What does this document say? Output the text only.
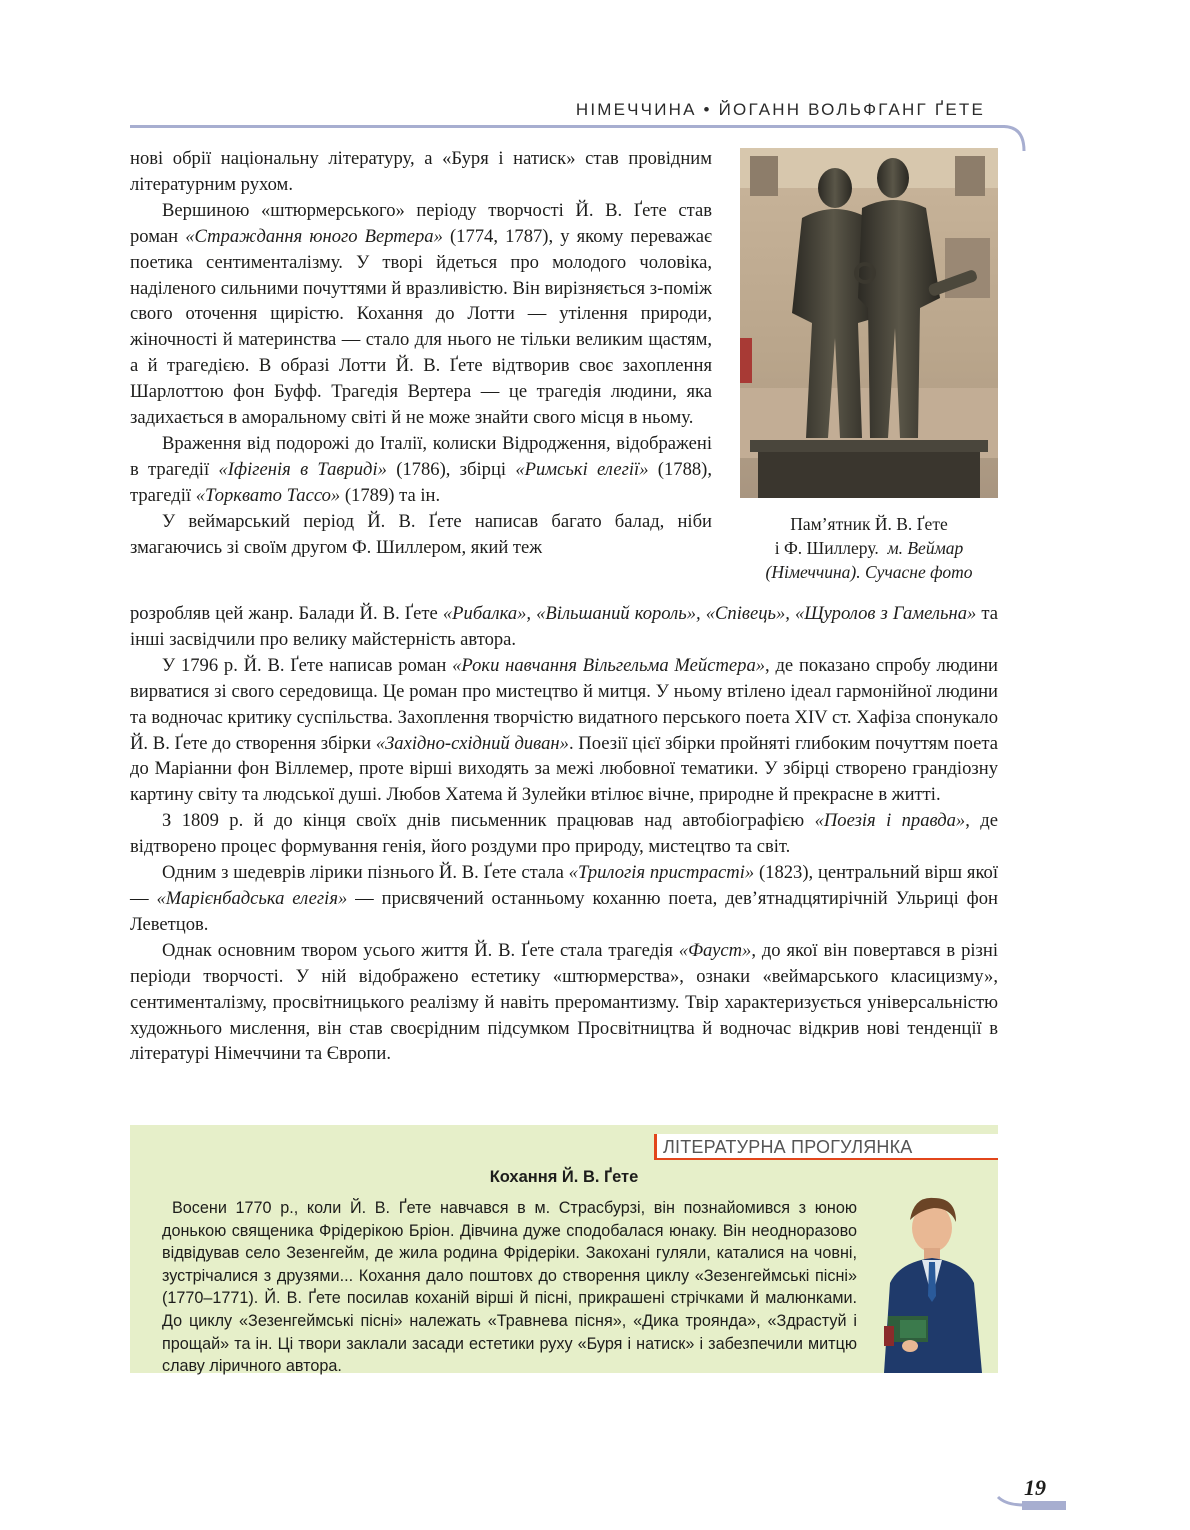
НІМЕЧЧИНА • ЙОГАНН ВОЛЬФГАНГ ҐЕТЕ
Пам’ятник Й. В. Ґете
і Ф. Шиллеру. м. Веймар
(Німеччина). Сучасне фото

нові обрії національну літературу, а «Буря і натиск» став провідним літературним рухом.

Вершиною «штюрмерського» періоду творчості Й. В. Ґете став роман «Страждання юного Вертера» (1774, 1787), у якому переважає поетика сентименталізму. У творі йдеться про молодого чоловіка, наділеного сильними почуттями й вразливістю. Він вирізняється з-поміж свого оточення щирістю. Кохання до Лотти — утілення природи, жіночності й материнства — стало для нього не тільки великим щастям, а й трагедією. В образі Лотти Й. В. Ґете відтворив своє захоплення Шарлоттою фон Буфф. Трагедія Вертера — це трагедія людини, яка задихається в аморальному світі й не може знайти свого місця в ньому.

Враження від подорожі до Італії, колиски Відродження, відображені в трагедії «Іфігенія в Тавриді» (1786), збірці «Римські елегії» (1788), трагедії «Торквато Тассо» (1789) та ін.

У веймарський період Й. В. Ґете написав багато балад, ніби змагаючись зі своїм другом Ф. Шиллером, який теж

розробляв цей жанр. Балади Й. В. Ґете «Рибалка», «Вільшаний король», «Співець», «Щуролов з Гамельна» та інші засвідчили про велику майстерність автора.

У 1796 р. Й. В. Ґете написав роман «Роки навчання Вільгельма Мейстера», де показано спробу людини вирватися зі свого середовища. Це роман про мистецтво й митця. У ньому втілено ідеал гармонійної людини та водночас критику суспільства. Захоплення творчістю видатного перського поета XIV ст. Хафіза спонукало Й. В. Ґете до створення збірки «Західно-східний диван». Поезії цієї збірки пройняті глибоким почуттям поета до Маріанни фон Віллемер, проте вірші виходять за межі любовної тематики. У збірці створено грандіозну картину світу та людської душі. Любов Хатема й Зулейки втілює вічне, природне й прекрасне в житті.

З 1809 р. й до кінця своїх днів письменник працював над автобіографією «Поезія і правда», де відтворено процес формування генія, його роздуми про природу, мистецтво та світ.

Одним з шедеврів лірики пізнього Й. В. Ґете стала «Трилогія пристрасті» (1823), центральний вірш якої — «Марієнбадська елегія» — присвячений останньому коханню поета, дев’ятнадцятирічній Ульриці фон Леветцов.

Однак основним твором усього життя Й. В. Ґете стала трагедія «Фауст», до якої він повертався в різні періоди творчості. У ній відображено естетику «штюрмерства», ознаки «веймарського класицизму», сентименталізму, просвітницького реалізму й навіть преромантизму. Твір характеризується універсальністю художнього мислення, він став своєрідним підсумком Просвітництва й водночас відкрив нові тенденції в літературі Німеччини та Європи.

ЛІТЕРАТУРНА ПРОГУЛЯНКА
Кохання Й. В. Ґете
Восени 1770 р., коли Й. В. Ґете навчався в м. Страсбурзі, він познайомився з юною донькою священика Фрідерікою Бріон. Дівчина дуже сподобалася юнаку. Він неодноразово відвідував село Зезенгейм, де жила родина Фрідеріки. Закохані гуляли, каталися на човні, зустрічалися з друзями... Кохання дало поштовх до створення циклу «Зезенгеймські пісні» (1770–1771). Й. В. Ґете посилав коханій вірші й пісні, прикрашені стрічками й малюнками. До циклу «Зезенгеймські пісні» належать «Травнева пісня», «Дика троянда», «Здрастуй і прощай» та ін. Ці твори заклали засади естетики руху «Буря і натиск» і забезпечили митцю славу ліричного автора.
19
